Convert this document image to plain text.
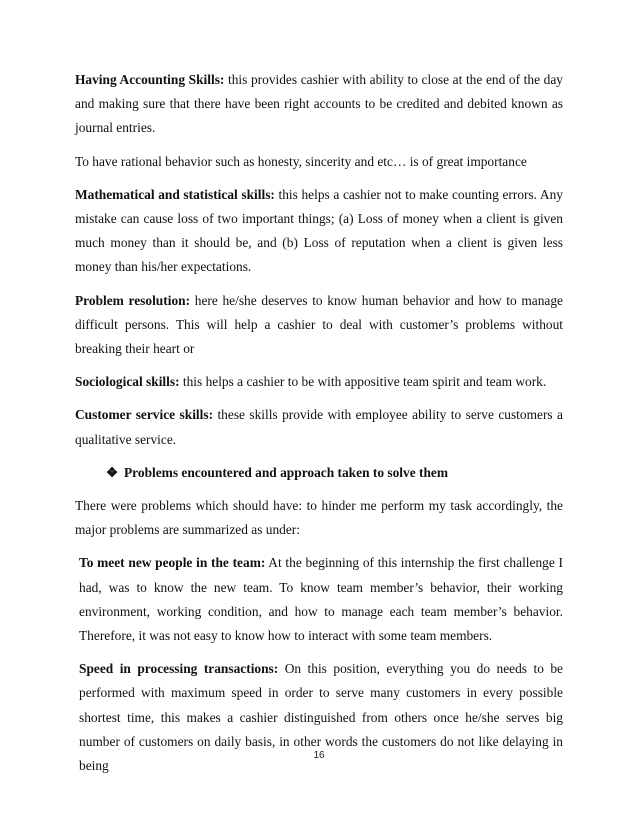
Having Accounting Skills: this provides cashier with ability to close at the end of the day and making sure that there have been right accounts to be credited and debited known as journal entries.

To have rational behavior such as honesty, sincerity and etc… is of great importance

Mathematical and statistical skills: this helps a cashier not to make counting errors. Any mistake can cause loss of two important things; (a) Loss of money when a client is given much money than it should be, and (b) Loss of reputation when a client is given less money than his/her expectations.

Problem resolution: here he/she deserves to know human behavior and how to manage difficult persons. This will help a cashier to deal with customer’s problems without breaking their heart or

Sociological skills: this helps a cashier to be with appositive team spirit and team work.

Customer service skills: these skills provide with employee ability to serve customers a qualitative service.

❖ Problems encountered and approach taken to solve them

There were problems which should have: to hinder me perform my task accordingly, the major problems are summarized as under:

To meet new people in the team: At the beginning of this internship the first challenge I had, was to know the new team. To know team member’s behavior, their working environment, working condition, and how to manage each team member’s behavior. Therefore, it was not easy to know how to interact with some team members.

Speed in processing transactions: On this position, everything you do needs to be performed with maximum speed in order to serve many customers in every possible shortest time, this makes a cashier distinguished from others once he/she serves big number of customers on daily basis, in other words the customers do not like delaying in being

16
